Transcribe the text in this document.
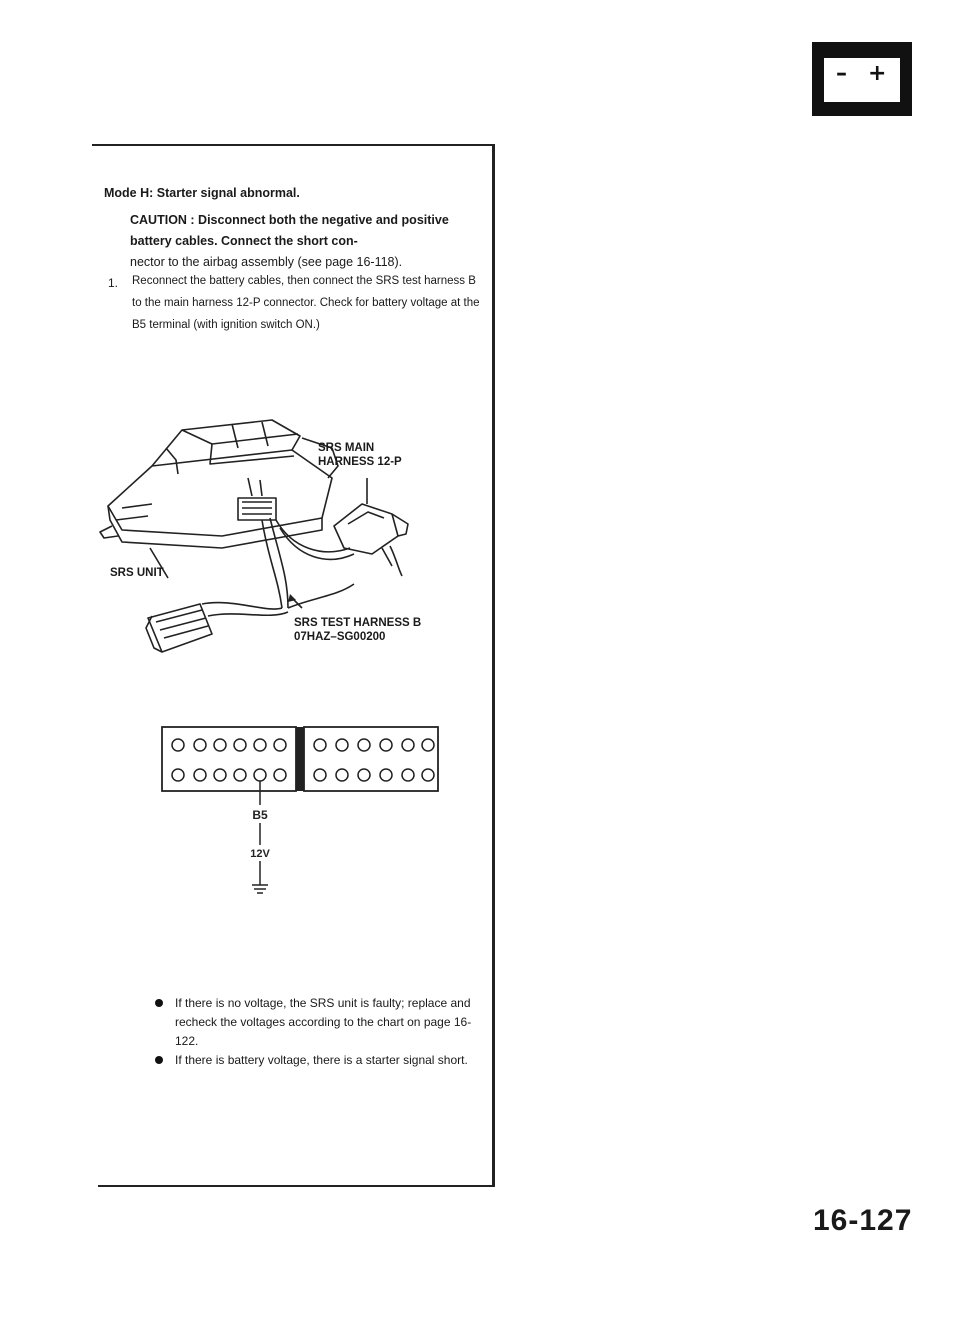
– +
Mode H: Starter signal abnormal.
CAUTION : Disconnect both the negative and positive battery cables. Connect the short con-
nector to the airbag assembly (see page 16-118).
1. Reconnect the battery cables, then connect the SRS test harness B to the main harness 12-P connector. Check for battery voltage at the B5 terminal (with ignition switch ON.)
SRS MAIN
HARNESS 12-P
SRS UNIT
SRS TEST HARNESS B
07HAZ–SG00200
B5
12V
If there is no voltage, the SRS unit is faulty; replace and recheck the voltages according to the chart on page 16-122.
If there is battery voltage, there is a starter signal short.
16-127
